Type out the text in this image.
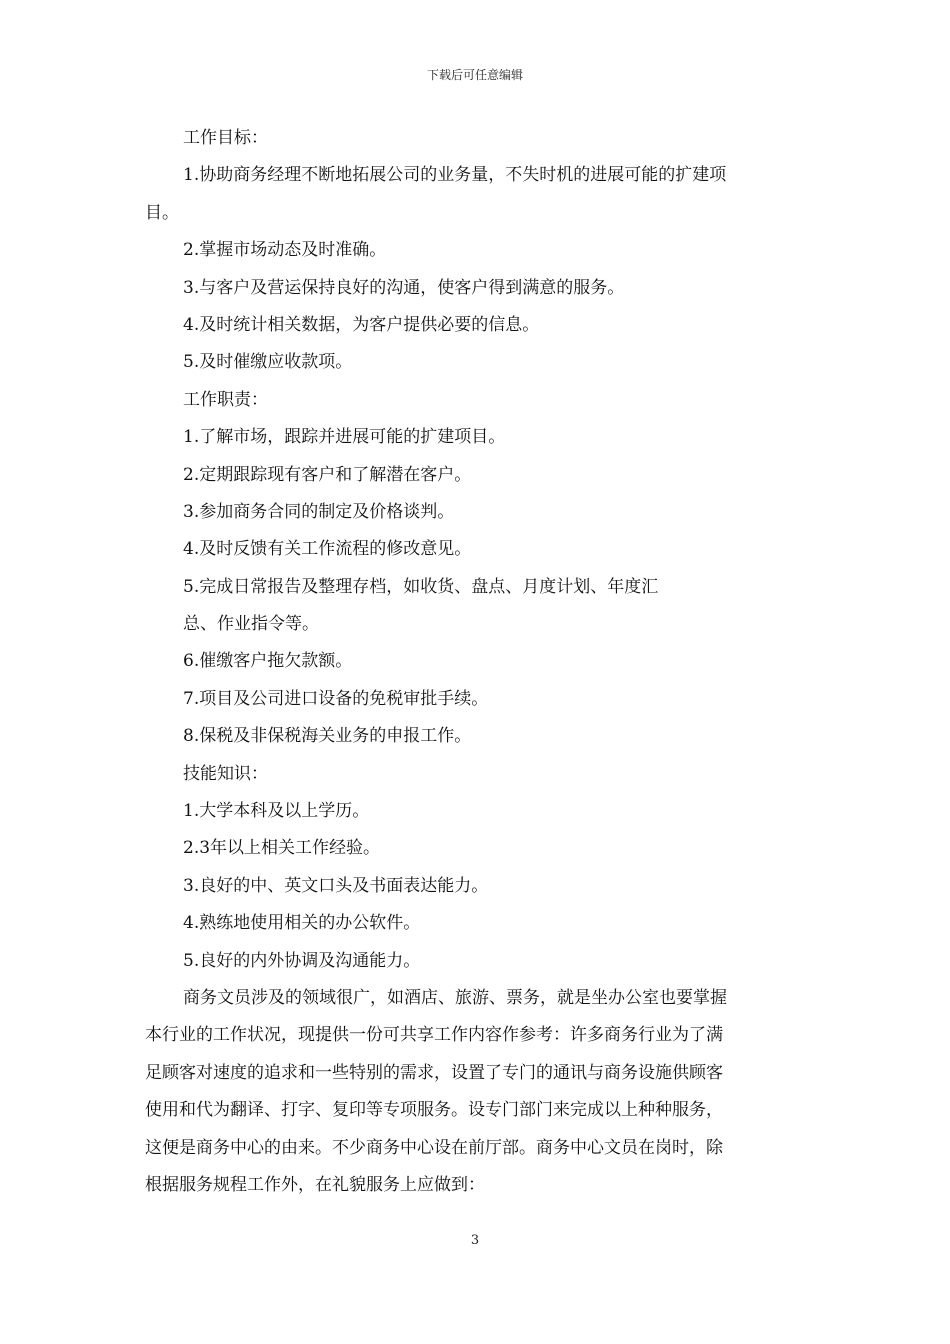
下载后可任意编辑
工作目标：
1.协助商务经理不断地拓展公司的业务量，不失时机的进展可能的扩建项
目。
2.掌握市场动态及时准确。
3.与客户及营运保持良好的沟通，使客户得到满意的服务。
4.及时统计相关数据，为客户提供必要的信息。
5.及时催缴应收款项。
工作职责：
1.了解市场，跟踪并进展可能的扩建项目。
2.定期跟踪现有客户和了解潜在客户。
3.参加商务合同的制定及价格谈判。
4.及时反馈有关工作流程的修改意见。
5.完成日常报告及整理存档，如收货、盘点、月度计划、年度汇
总、作业指令等。
6.催缴客户拖欠款额。
7.项目及公司进口设备的免税审批手续。
8.保税及非保税海关业务的申报工作。
技能知识：
1.大学本科及以上学历。
2.3年以上相关工作经验。
3.良好的中、英文口头及书面表达能力。
4.熟练地使用相关的办公软件。
5.良好的内外协调及沟通能力。
商务文员涉及的领域很广，如酒店、旅游、票务，就是坐办公室也要掌握
本行业的工作状况，现提供一份可共享工作内容作参考：许多商务行业为了满
足顾客对速度的追求和一些特别的需求，设置了专门的通讯与商务设施供顾客
使用和代为翻译、打字、复印等专项服务。设专门部门来完成以上种种服务，
这便是商务中心的由来。不少商务中心设在前厅部。商务中心文员在岗时，除
根据服务规程工作外，在礼貌服务上应做到：
3
